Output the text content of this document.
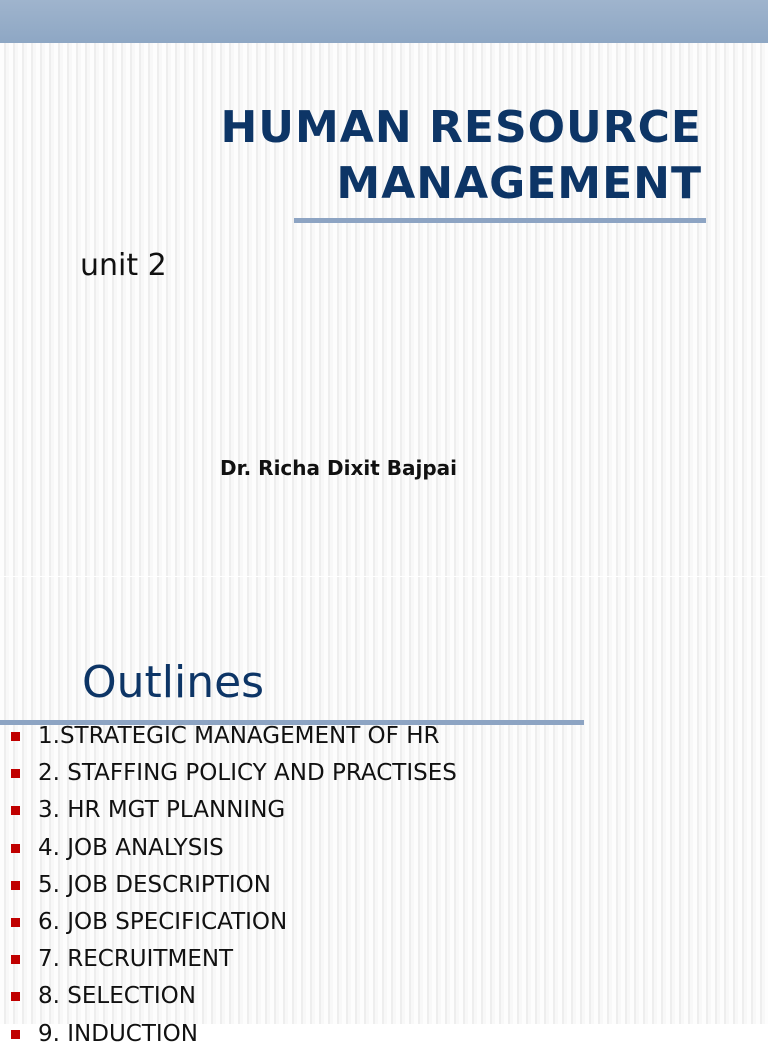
HUMAN RESOURCE
MANAGEMENT
unit 2
Dr. Richa Dixit Bajpai
Outlines
1.STRATEGIC MANAGEMENT OF HR
2. STAFFING POLICY AND PRACTISES
3. HR MGT PLANNING
4. JOB ANALYSIS
5. JOB DESCRIPTION
6. JOB SPECIFICATION
7. RECRUITMENT
8. SELECTION
9. INDUCTION
